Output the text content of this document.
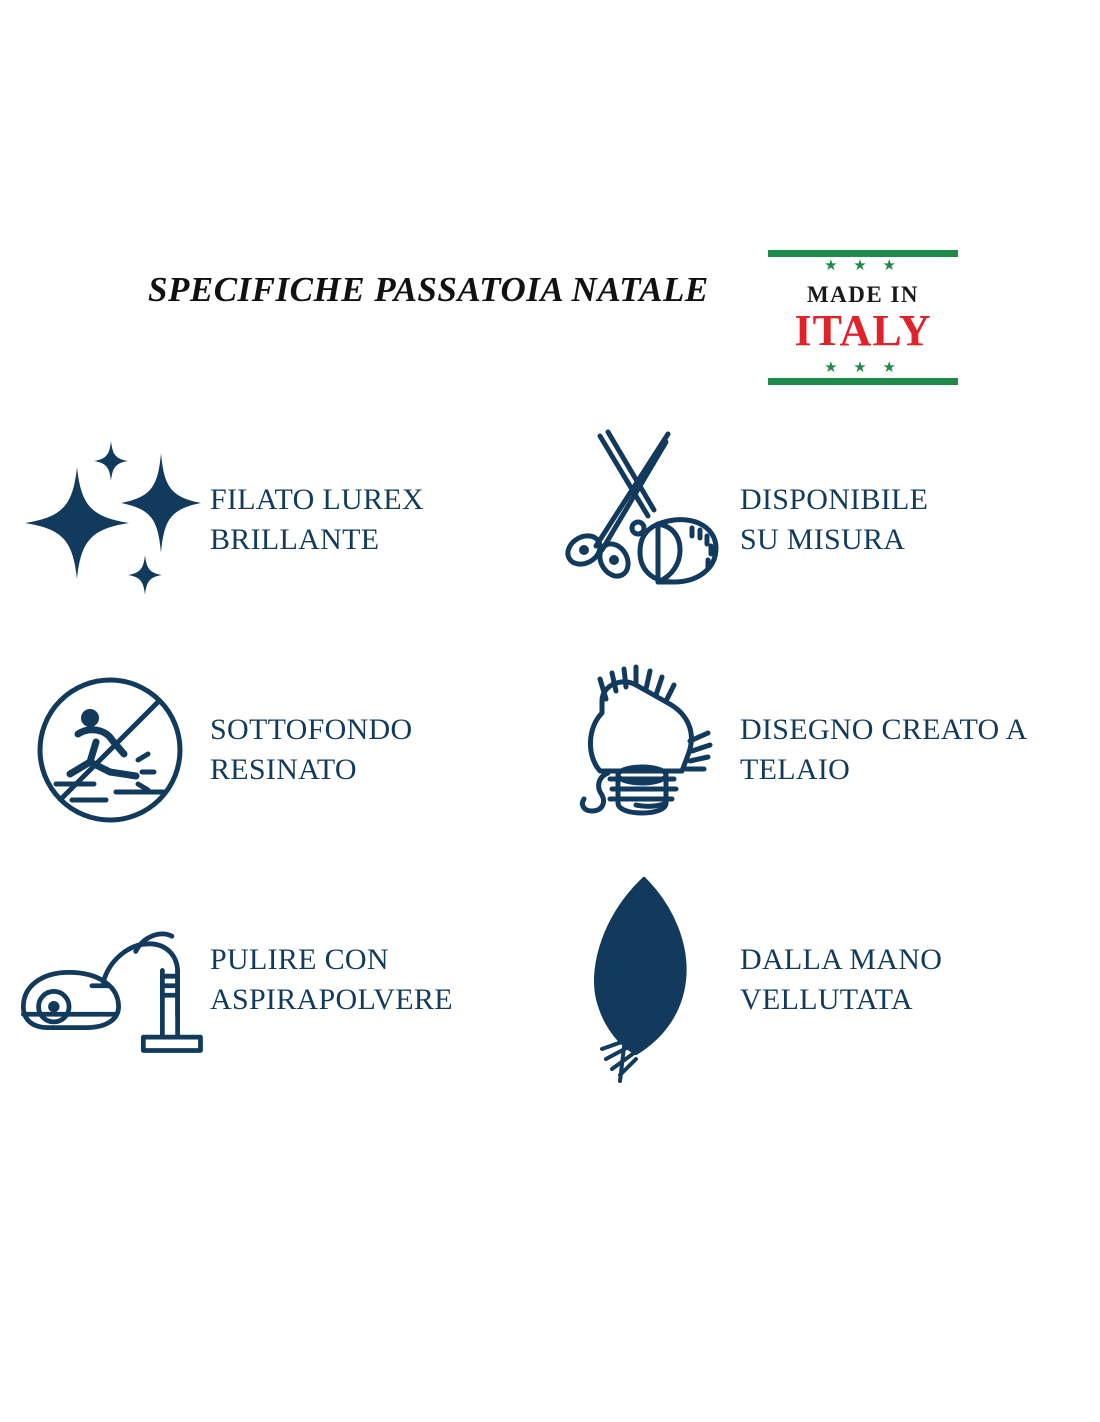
SPECIFICHE PASSATOIA NATALE
★ ★ ★
MADE IN
ITALY
★ ★ ★
FILATO LUREX
BRILLANTE
DISPONIBILE
SU MISURA
SOTTOFONDO
RESINATO
DISEGNO CREATO A
TELAIO
PULIRE CON
ASPIRAPOLVERE
DALLA MANO
VELLUTATA
